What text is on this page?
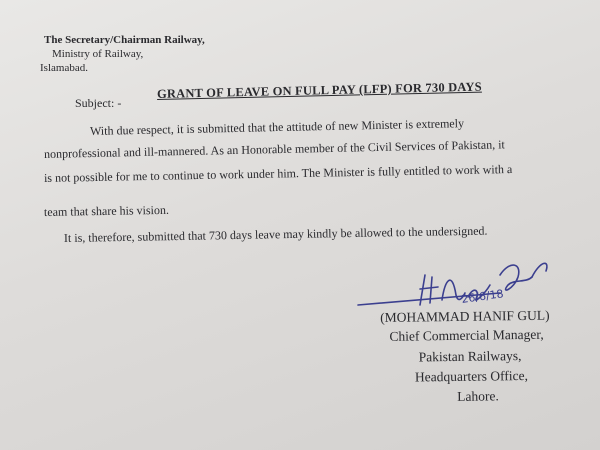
The Secretary/Chairman Railway,
Ministry of Railway,
Islamabad.
Subject: -
GRANT OF LEAVE ON FULL PAY (LFP) FOR 730 DAYS
With due respect, it is submitted that the attitude of new Minister is extremely
nonprofessional and ill-mannered. As an Honorable member of the Civil Services of Pakistan, it
is not possible for me to continue to work under him. The Minister is fully entitled to work with a
team that share his vision.
It is, therefore, submitted that 730 days leave may kindly be allowed to the undersigned.
26/6/18
(MOHAMMAD HANIF GUL)
Chief Commercial Manager,
Pakistan Railways,
Headquarters Office,
Lahore.
